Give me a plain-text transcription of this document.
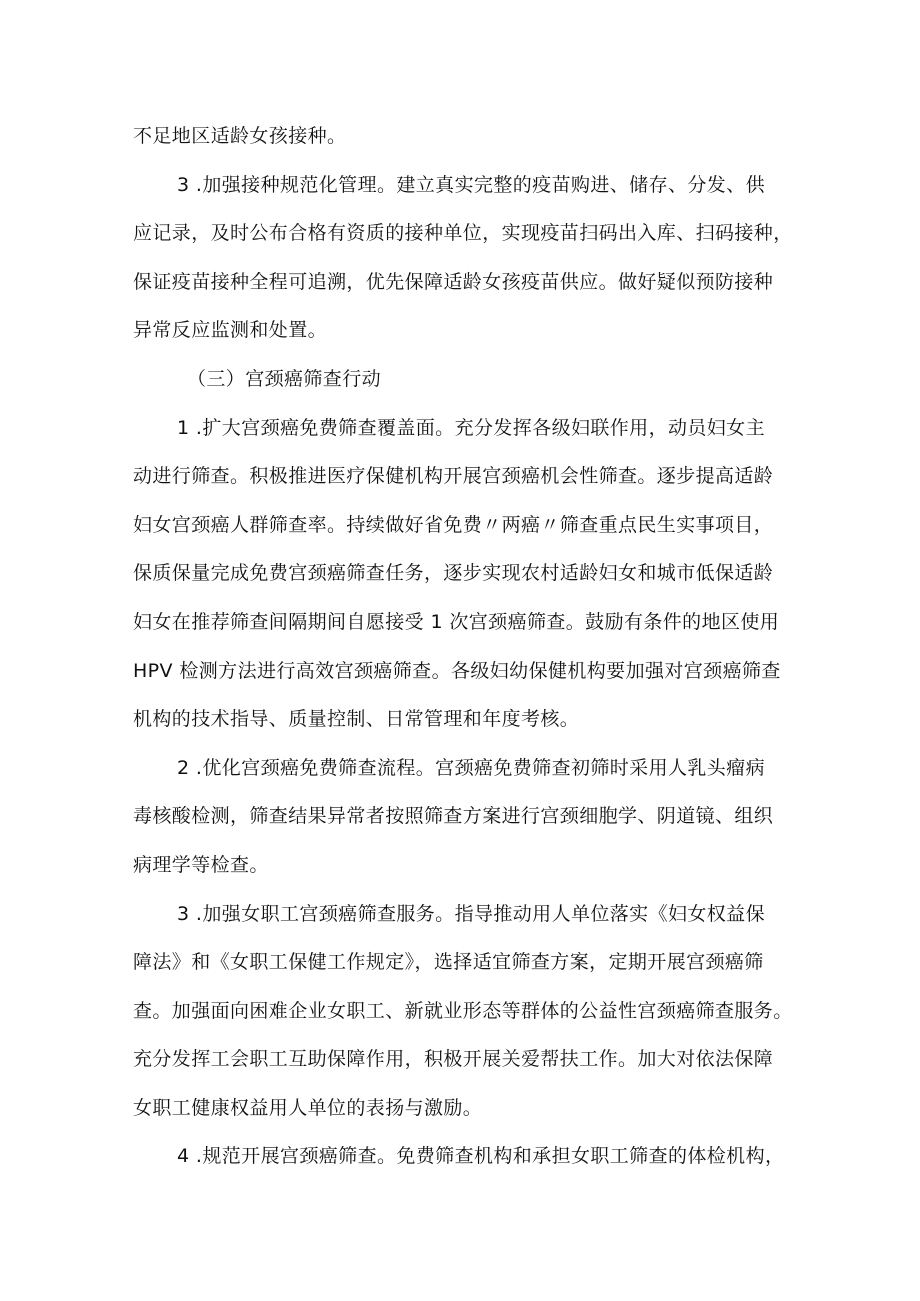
不足地区适龄女孩接种。
3 .加强接种规范化管理。建立真实完整的疫苗购进、储存、分发、供
应记录，及时公布合格有资质的接种单位，实现疫苗扫码出入库、扫码接种，
保证疫苗接种全程可追溯，优先保障适龄女孩疫苗供应。做好疑似预防接种
异常反应监测和处置。
（三）宫颈癌筛查行动
1 .扩大宫颈癌免费筛查覆盖面。充分发挥各级妇联作用，动员妇女主
动进行筛查。积极推进医疗保健机构开展宫颈癌机会性筛查。逐步提高适龄
妇女宫颈癌人群筛查率。持续做好省免费〃两癌〃筛查重点民生实事项目，
保质保量完成免费宫颈癌筛查任务，逐步实现农村适龄妇女和城市低保适龄
妇女在推荐筛查间隔期间自愿接受 1 次宫颈癌筛查。鼓励有条件的地区使用
HPV 检测方法进行高效宫颈癌筛查。各级妇幼保健机构要加强对宫颈癌筛查
机构的技术指导、质量控制、日常管理和年度考核。
2 .优化宫颈癌免费筛查流程。宫颈癌免费筛查初筛时采用人乳头瘤病
毒核酸检测，筛查结果异常者按照筛查方案进行宫颈细胞学、阴道镜、组织
病理学等检查。
3 .加强女职工宫颈癌筛查服务。指导推动用人单位落实《妇女权益保
障法》和《女职工保健工作规定》，选择适宜筛查方案，定期开展宫颈癌筛
查。加强面向困难企业女职工、新就业形态等群体的公益性宫颈癌筛查服务。
充分发挥工会职工互助保障作用，积极开展关爱帮扶工作。加大对依法保障
女职工健康权益用人单位的表扬与激励。
4 .规范开展宫颈癌筛查。免费筛查机构和承担女职工筛查的体检机构，
